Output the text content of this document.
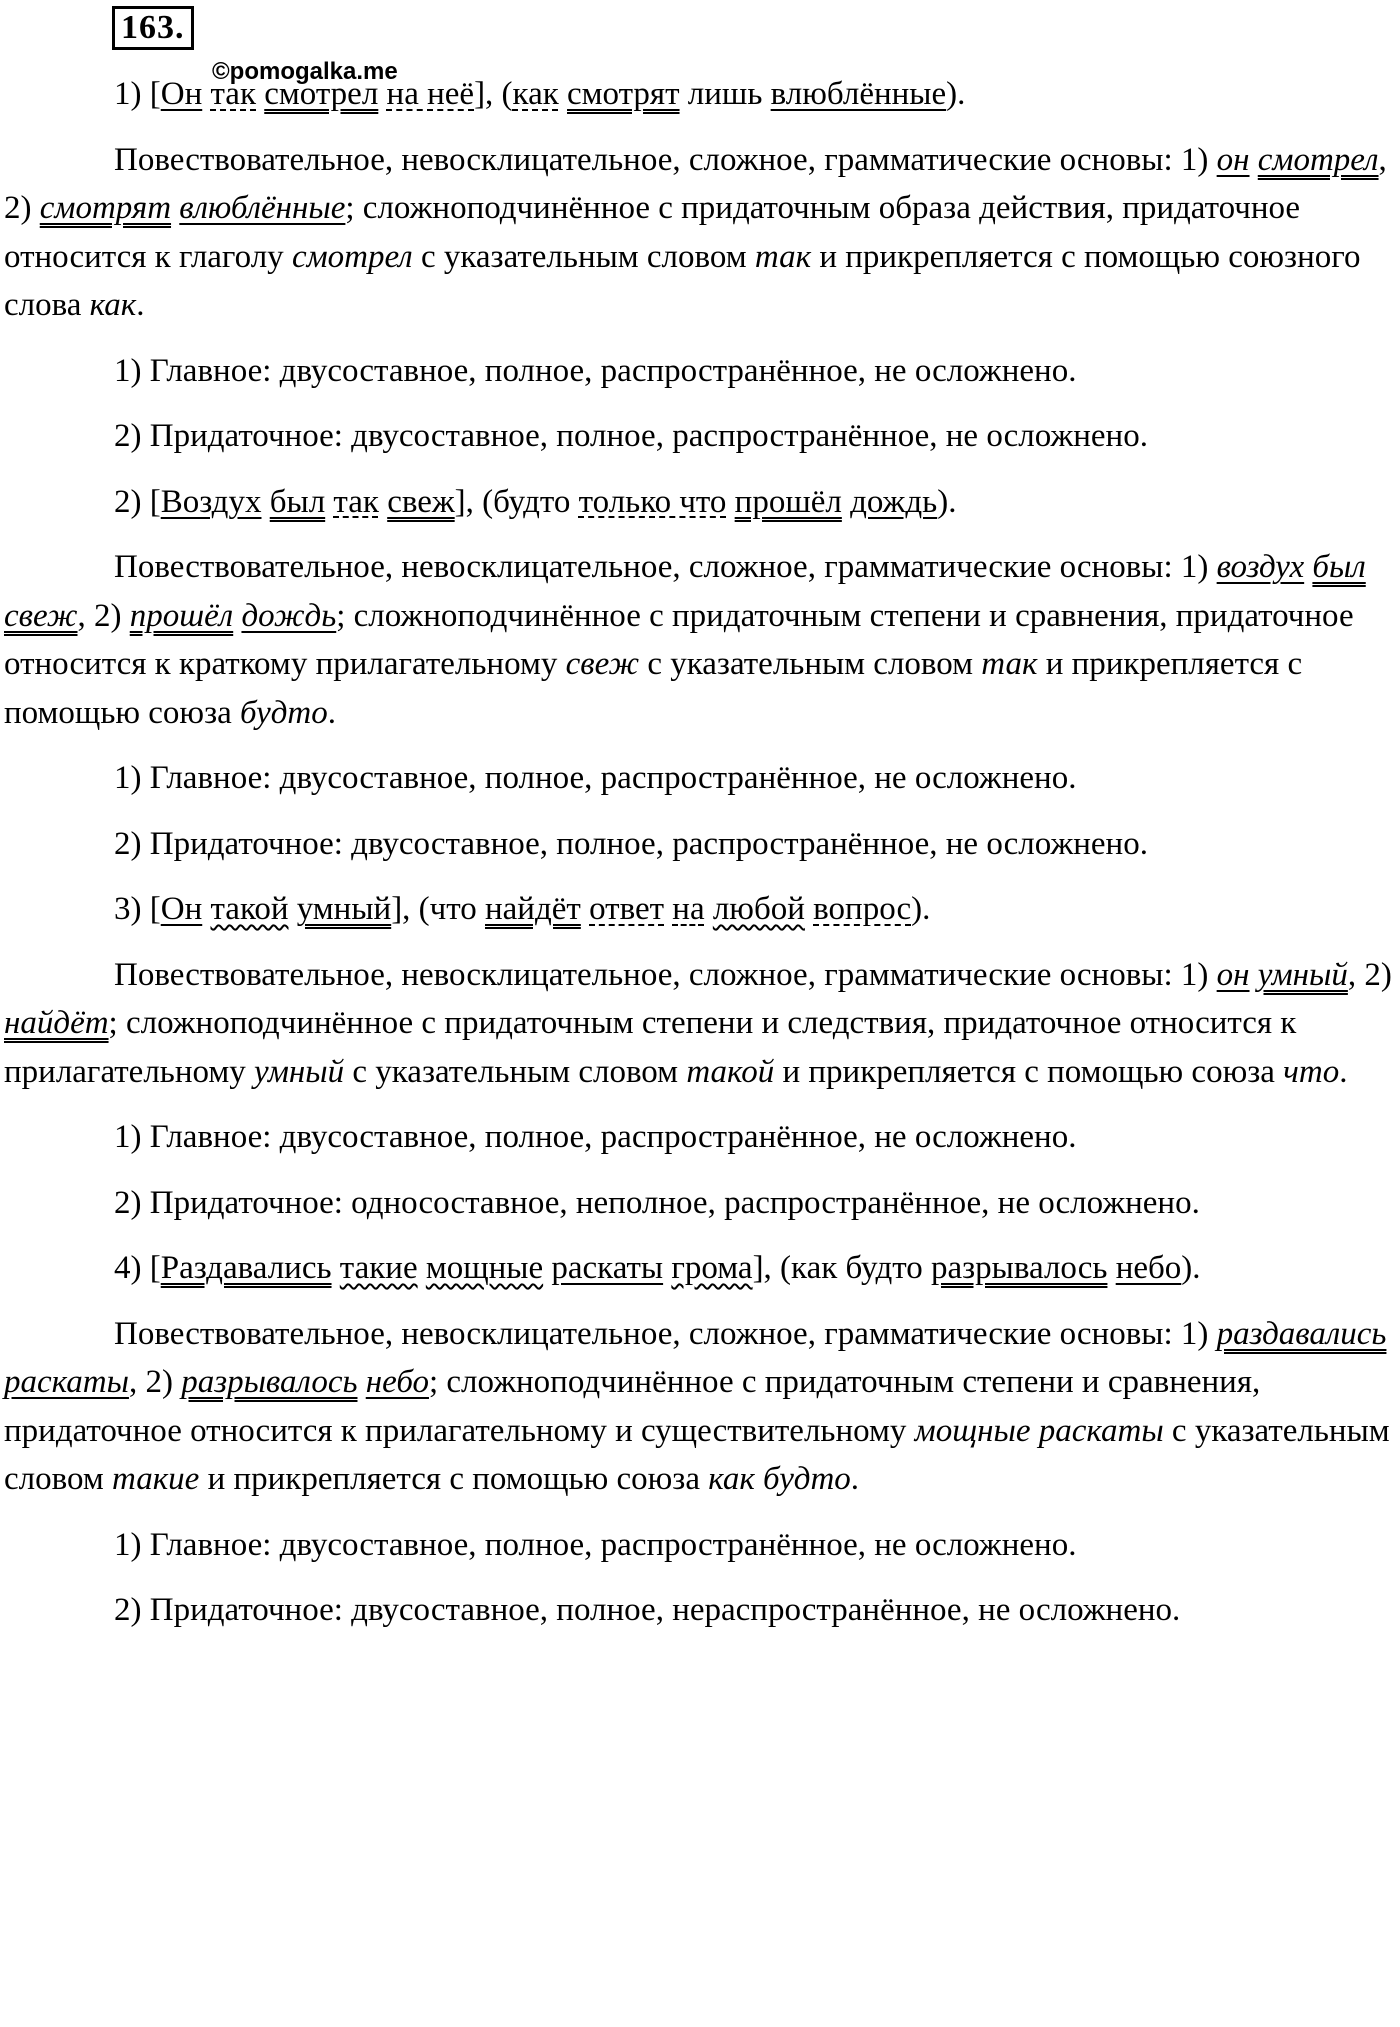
163.
©pomogalka.me

1) [Он так смотрел на неё], (как смотрят лишь влюблённые).

Повествовательное, невосклицательное, сложное, грамматические основы: 1) он смотрел, 2) смотрят влюблённые; сложноподчинённое с придаточным образа действия, придаточное относится к глаголу смотрел с указательным словом так и прикрепляется с помощью союзного слова как.

1) Главное: двусоставное, полное, распространённое, не осложнено.

2) Придаточное: двусоставное, полное, распространённое, не осложнено.

2) [Воздух был так свеж], (будто только что прошёл дождь).

Повествовательное, невосклицательное, сложное, грамматические основы: 1) воздух был свеж, 2) прошёл дождь; сложноподчинённое с придаточным степени и сравнения, придаточное относится к краткому прилагательному свеж с указательным словом так и прикрепляется с помощью союза будто.

1) Главное: двусоставное, полное, распространённое, не осложнено.

2) Придаточное: двусоставное, полное, распространённое, не осложнено.

3) [Он такой умный], (что найдёт ответ на любой вопрос).

Повествовательное, невосклицательное, сложное, грамматические основы: 1) он умный, 2) найдёт; сложноподчинённое с придаточным степени и следствия, придаточное относится к прилагательному умный с указательным словом такой и прикрепляется с помощью союза что.

1) Главное: двусоставное, полное, распространённое, не осложнено.

2) Придаточное: односоставное, неполное, распространённое, не осложнено.

4) [Раздавались такие мощные раскаты грома], (как будто разрывалось небо).

Повествовательное, невосклицательное, сложное, грамматические основы: 1) раздавались раскаты, 2) разрывалось небо; сложноподчинённое с придаточным степени и сравнения, придаточное относится к прилагательному и существительному мощные раскаты с указательным словом такие и прикрепляется с помощью союза как будто.

1) Главное: двусоставное, полное, распространённое, не осложнено.

2) Придаточное: двусоставное, полное, нераспространённое, не осложнено.
